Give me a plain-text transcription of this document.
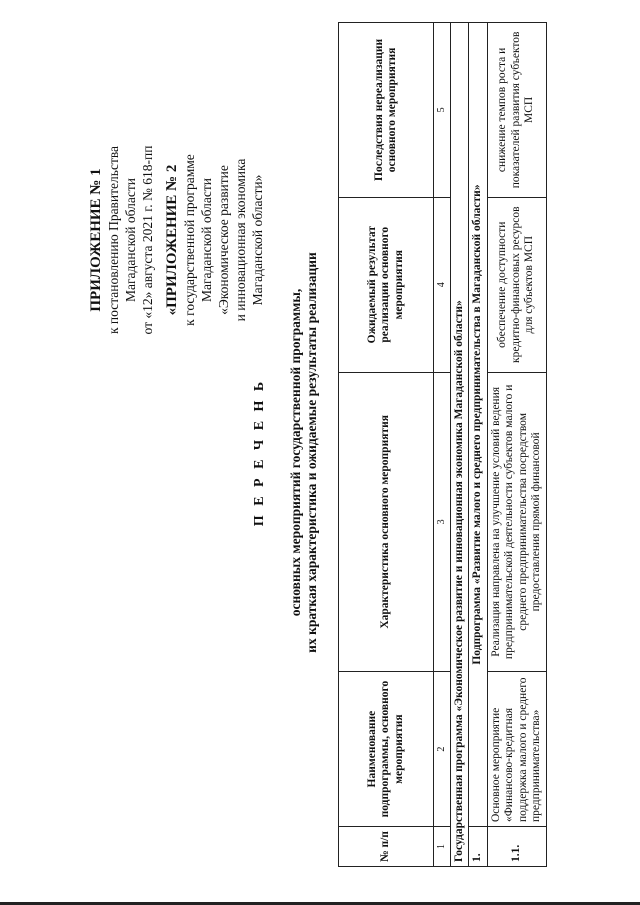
ПРИЛОЖЕНИЕ № 1 к постановлению Правительства Магаданской области от «12» августа 2021 г. № 618-пп «ПРИЛОЖЕНИЕ № 2 к государственной программе Магаданской области «Экономическое развитие и инновационная экономика Магаданской области»
П Е Р Е Ч Е Н Ь основных мероприятий государственной программы, их краткая характеристика и ожидаемые результаты реализации
№ п/п	Наименование подпрограммы, основного мероприятия	Характеристика основного мероприятия	Ожидаемый результат реализации основного мероприятия	Последствия нереализации основного мероприятия
1	2	3	4	5
Государственная программа «Экономическое развитие и инновационная экономика Магаданской области»				
1.	Подпрограмма «Развитие малого и среднего предпринимательства в Магаданской области»			
1.1.	Основное мероприятие «Финансово-кредитная поддержка малого и среднего предпринимательства»	Реализация направлена на улучшение условий ведения предпринимательской деятельности субъектов малого и среднего предпринимательства посредством предоставления прямой финансовой	обеспечение доступности кредитно-финансовых ресурсов для субъектов МСП	снижение темпов роста и показателей развития субъектов МСП
